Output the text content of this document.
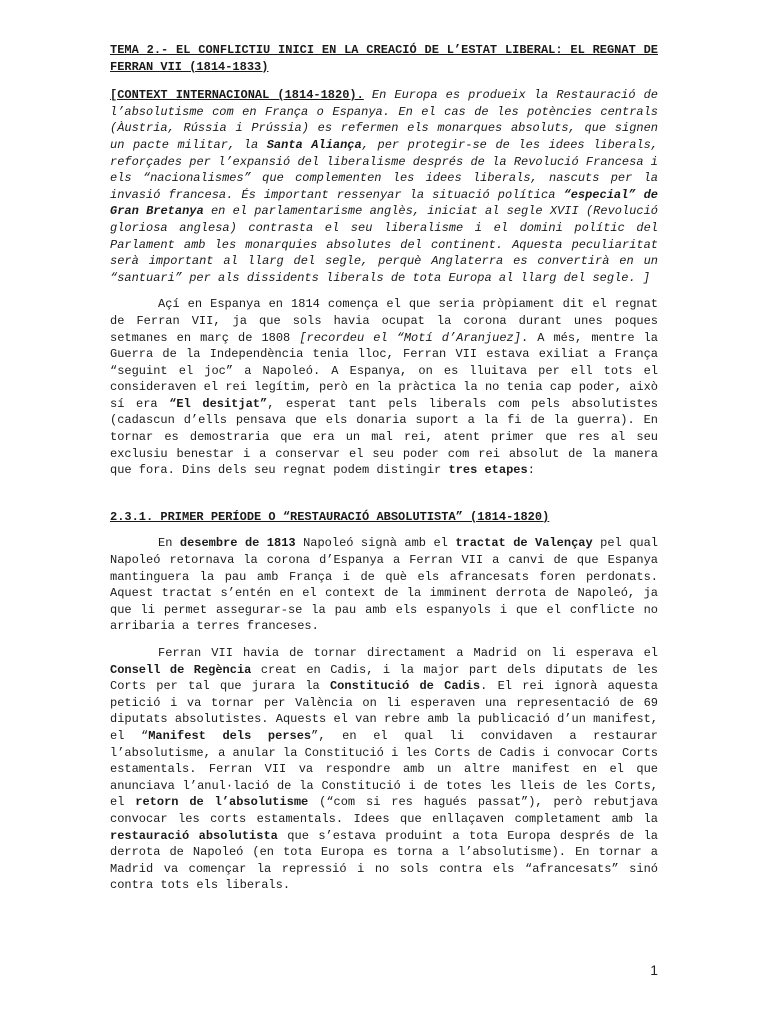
TEMA 2.- EL CONFLICTIU INICI EN LA CREACIÓ DE L’ESTAT LIBERAL: EL REGNAT DE FERRAN VII (1814-1833)

[CONTEXT INTERNACIONAL (1814-1820). En Europa es produeix la Restauració de l’absolutisme com en França o Espanya. En el cas de les potències centrals (Àustria, Rússia i Prússia) es refermen els monarques absoluts, que signen un pacte militar, la Santa Aliança, per protegir-se de les idees liberals, reforçades per l’expansió del liberalisme després de la Revolució Francesa i els “nacionalismes” que complementen les idees liberals, nascuts per la invasió francesa. És important ressenyar la situació política “especial” de Gran Bretanya en el parlamentarisme anglès, iniciat al segle XVII (Revolució gloriosa anglesa) contrasta el seu liberalisme i el domini polític del Parlament amb les monarquies absolutes del continent. Aquesta peculiaritat serà important al llarg del segle, perquè Anglaterra es convertirà en un “santuari” per als dissidents liberals de tota Europa al llarg del segle. ]

Açí en Espanya en 1814 comença el que seria pròpiament dit el regnat de Ferran VII, ja que sols havia ocupat la corona durant unes poques setmanes en març de 1808 [recordeu el “Motí d’Aranjuez]. A més, mentre la Guerra de la Independència tenia lloc, Ferran VII estava exiliat a França “seguint el joc” a Napoleó. A Espanya, on es lluitava per ell tots el consideraven el rei legítim, però en la pràctica la no tenia cap poder, això sí era “El desitjat”, esperat tant pels liberals com pels absolutistes (cadascun d’ells pensava que els donaria suport a la fi de la guerra). En tornar es demostraria que era un mal rei, atent primer que res al seu exclusiu benestar i a conservar el seu poder com rei absolut de la manera que fora. Dins dels seu regnat podem distingir tres etapes:

2.3.1. PRIMER PERÍODE O “RESTAURACIÓ ABSOLUTISTA” (1814-1820)

En desembre de 1813 Napoleó signà amb el tractat de Valençay pel qual Napoleó retornava la corona d’Espanya a Ferran VII a canvi de que Espanya mantinguera la pau amb França i de què els afrancesats foren perdonats. Aquest tractat s’entén en el context de la imminent derrota de Napoleó, ja que li permet assegurar-se la pau amb els espanyols i que el conflicte no arribaria a terres franceses.

Ferran VII havia de tornar directament a Madrid on li esperava el Consell de Regència creat en Cadis, i la major part dels diputats de les Corts per tal que jurara la Constitució de Cadis. El rei ignorà aquesta petició i va tornar per València on li esperaven una representació de 69 diputats absolutistes. Aquests el van rebre amb la publicació d’un manifest, el “Manifest dels perses”, en el qual li convidaven a restaurar l’absolutisme, a anular la Constitució i les Corts de Cadis i convocar Corts estamentals. Ferran VII va respondre amb un altre manifest en el que anunciava l’anul·lació de la Constitució i de totes les lleis de les Corts, el retorn de l’absolutisme (“com si res hagués passat”), però rebutjava convocar les corts estamentals. Idees que enllaçaven completament amb la restauració absolutista que s’estava produint a tota Europa després de la derrota de Napoleó (en tota Europa es torna a l’absolutisme). En tornar a Madrid va començar la repressió i no sols contra els “afrancesats” sinó contra tots els liberals.

1
